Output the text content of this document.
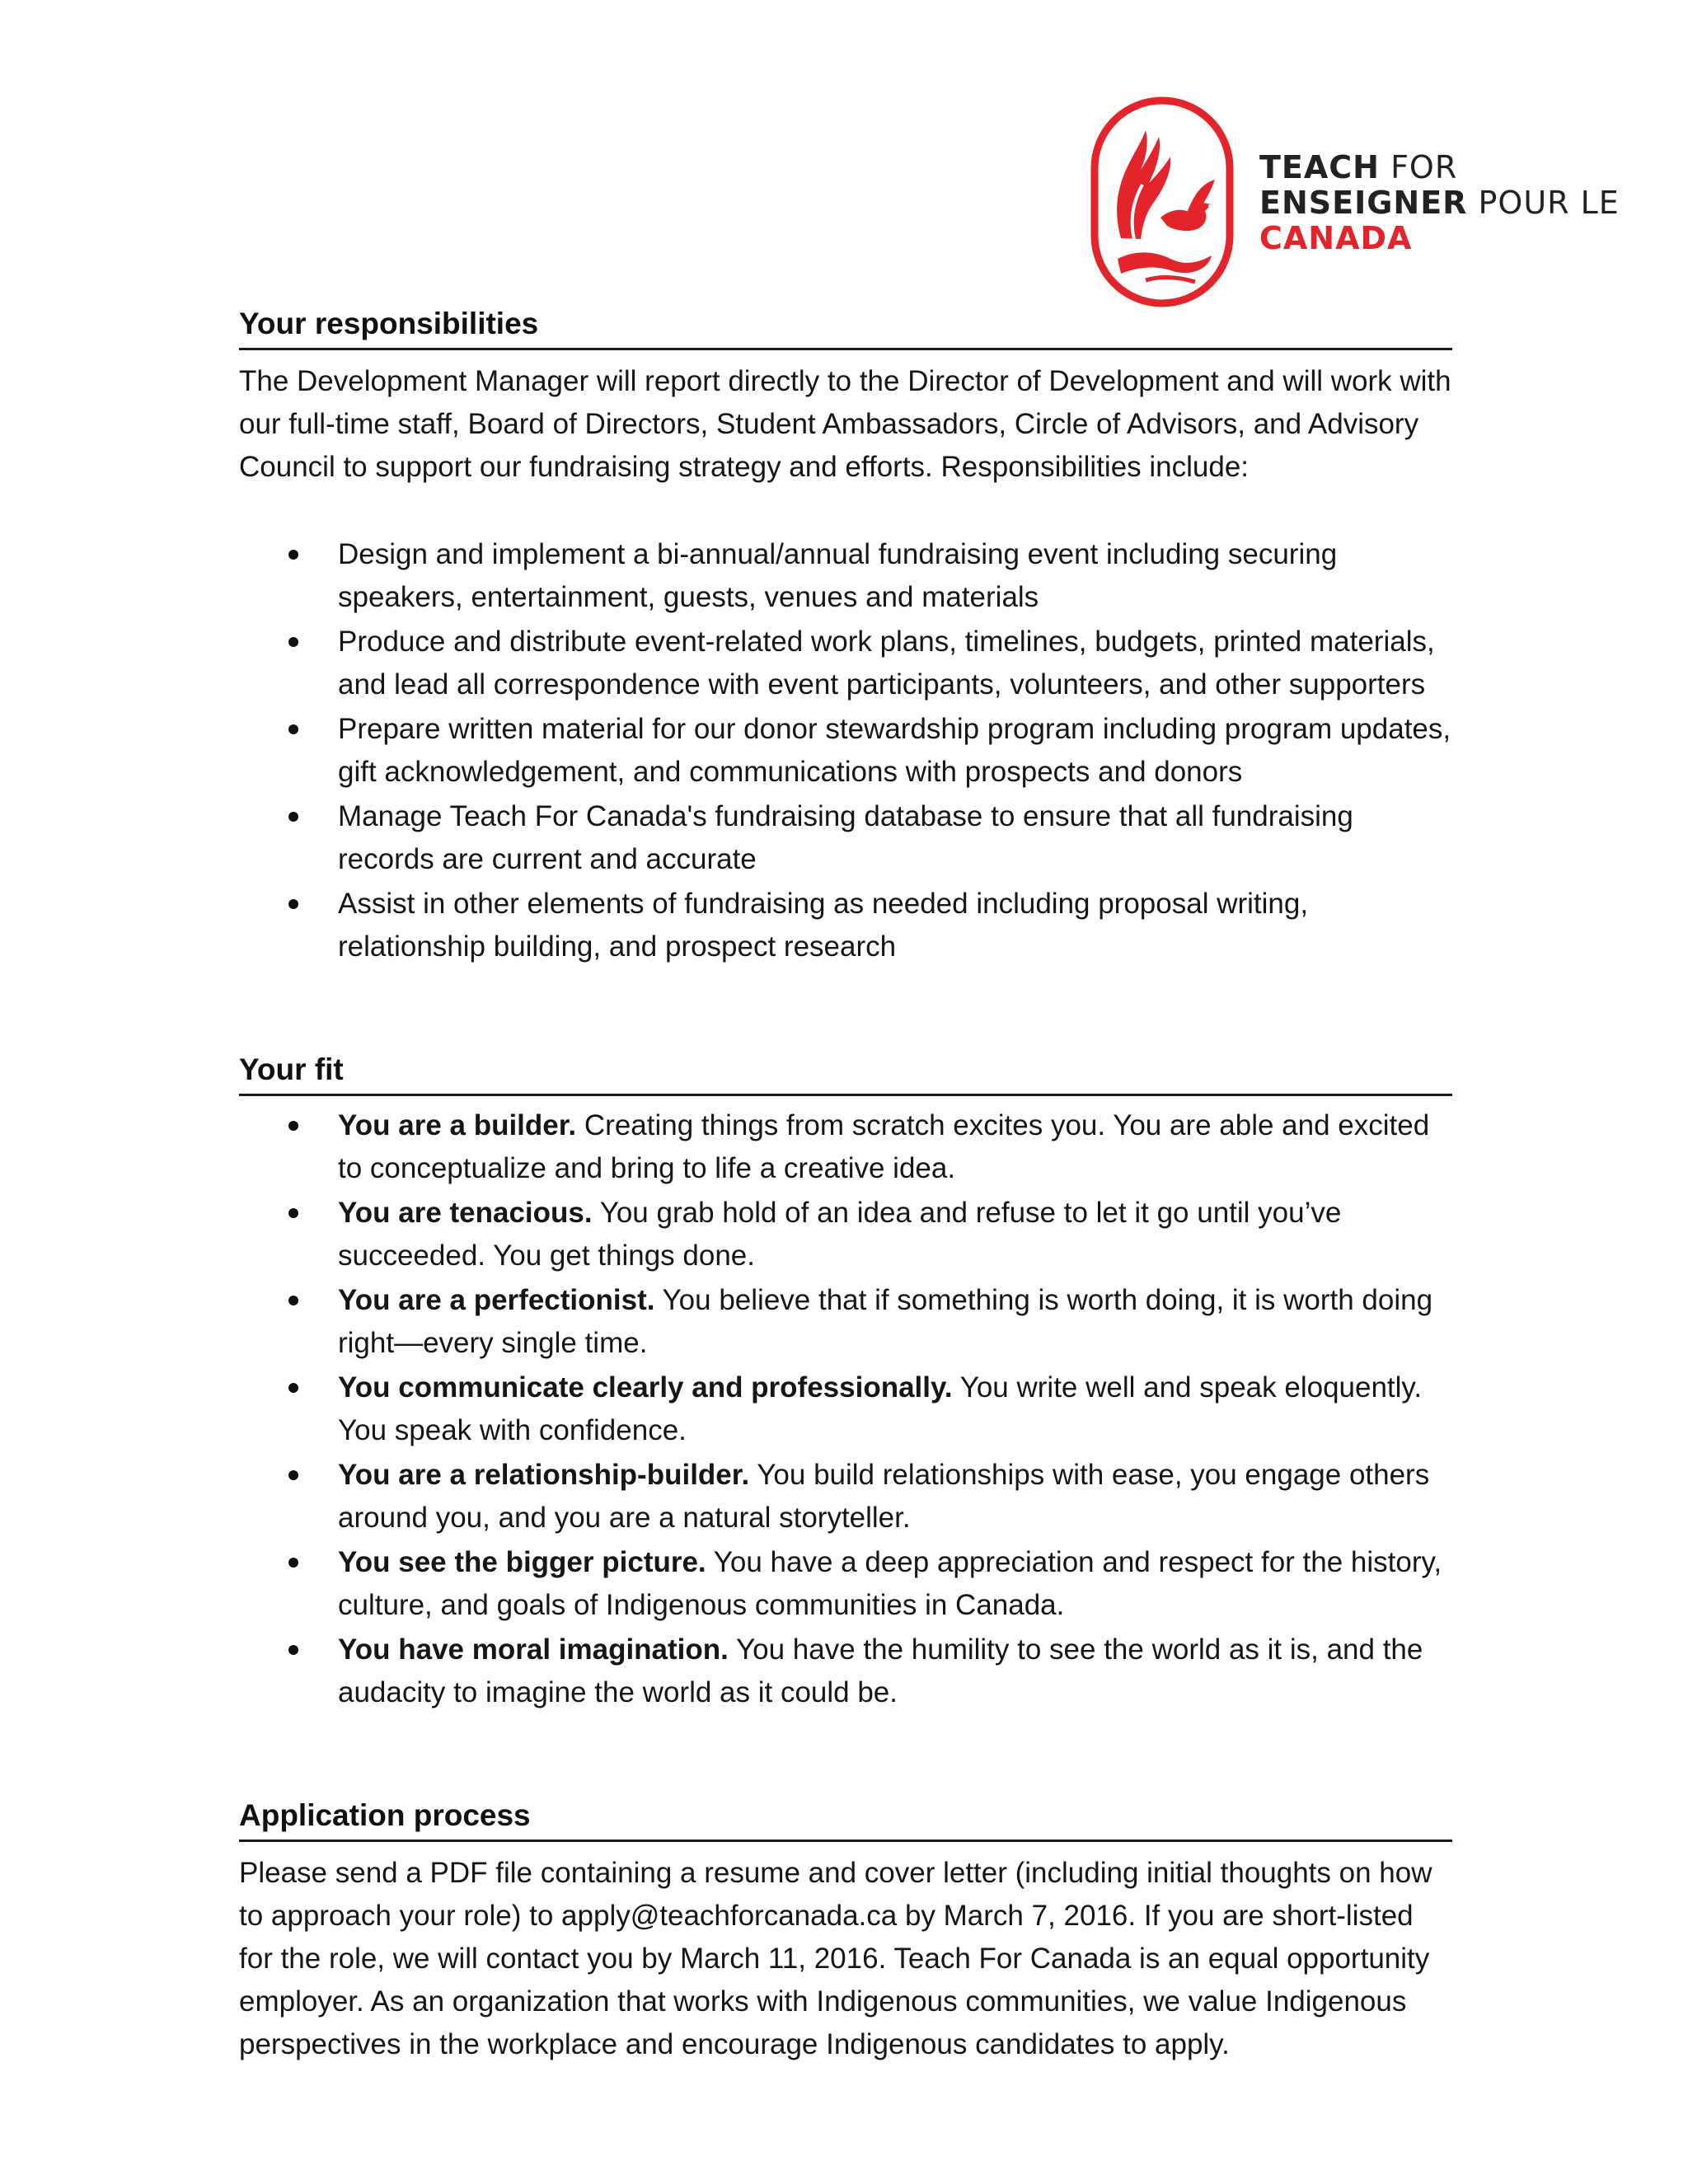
TEACH FOR
ENSEIGNER POUR LE
CANADA
Your responsibilities

The Development Manager will report directly to the Director of Development and will work with our full-time staff, Board of Directors, Student Ambassadors, Circle of Advisors, and Advisory Council to support our fundraising strategy and efforts. Responsibilities include:

Design and implement a bi-annual/annual fundraising event including securing speakers, entertainment, guests, venues and materials
Produce and distribute event-related work plans, timelines, budgets, printed materials, and lead all correspondence with event participants, volunteers, and other supporters
Prepare written material for our donor stewardship program including program updates, gift acknowledgement, and communications with prospects and donors
Manage Teach For Canada's fundraising database to ensure that all fundraising records are current and accurate
Assist in other elements of fundraising as needed including proposal writing, relationship building, and prospect research
Your fit
You are a builder. Creating things from scratch excites you. You are able and excited to conceptualize and bring to life a creative idea.
You are tenacious. You grab hold of an idea and refuse to let it go until you’ve succeeded. You get things done.
You are a perfectionist. You believe that if something is worth doing, it is worth doing right—every single time.
You communicate clearly and professionally. You write well and speak eloquently. You speak with confidence.
You are a relationship-builder. You build relationships with ease, you engage others around you, and you are a natural storyteller.
You see the bigger picture. You have a deep appreciation and respect for the history, culture, and goals of Indigenous communities in Canada.
You have moral imagination. You have the humility to see the world as it is, and the audacity to imagine the world as it could be.
Application process

Please send a PDF file containing a resume and cover letter (including initial thoughts on how to approach your role) to apply@teachforcanada.ca by March 7, 2016. If you are short-listed for the role, we will contact you by March 11, 2016. Teach For Canada is an equal opportunity employer. As an organization that works with Indigenous communities, we value Indigenous perspectives in the workplace and encourage Indigenous candidates to apply.
